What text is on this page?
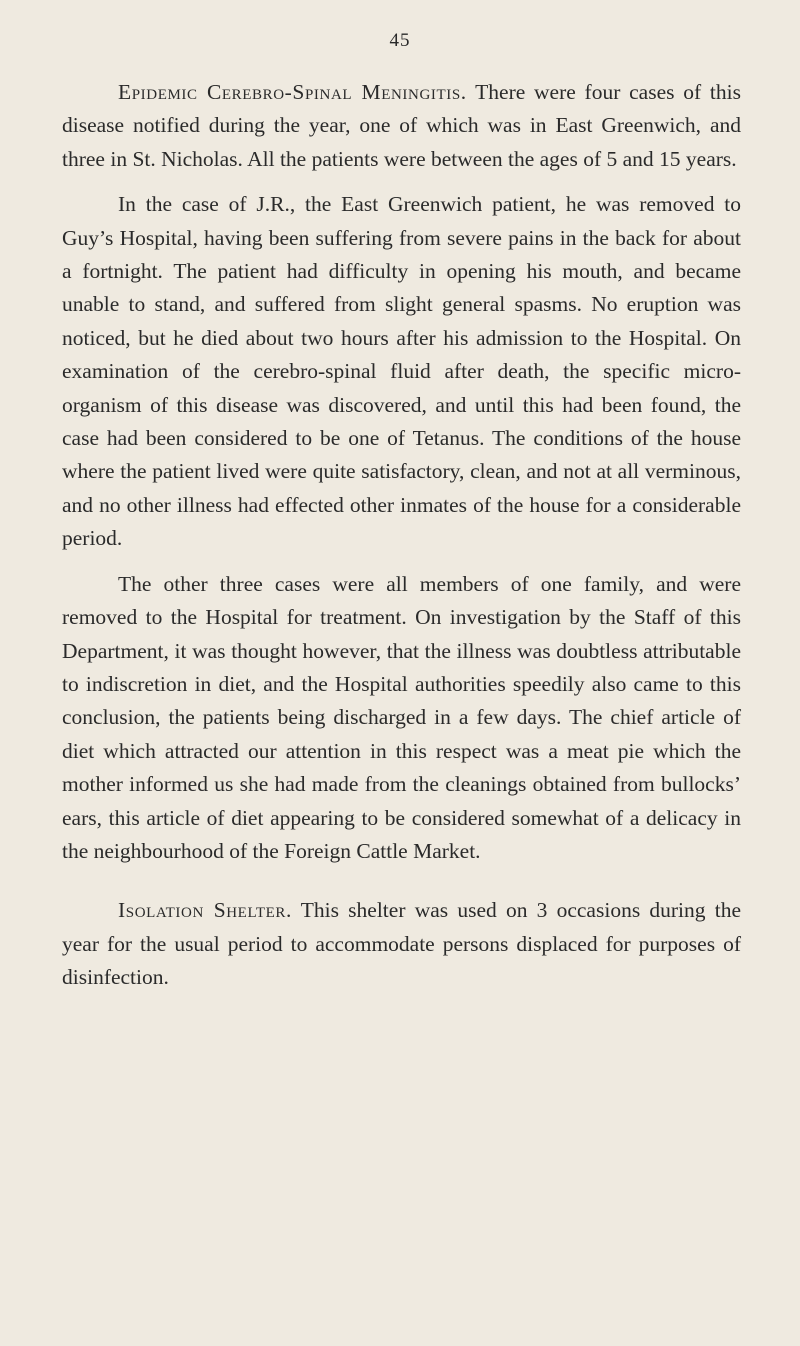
45

Epidemic Cerebro-Spinal Meningitis. There were four cases of this disease notified during the year, one of which was in East Greenwich, and three in St. Nicholas. All the patients were between the ages of 5 and 15 years.

In the case of J.R., the East Greenwich patient, he was removed to Guy’s Hospital, having been suffering from severe pains in the back for about a fortnight. The patient had difficulty in opening his mouth, and became unable to stand, and suffered from slight general spasms. No eruption was noticed, but he died about two hours after his admission to the Hospital. On examination of the cerebro-spinal fluid after death, the specific micro-organism of this disease was discovered, and until this had been found, the case had been considered to be one of Tetanus. The conditions of the house where the patient lived were quite satisfactory, clean, and not at all verminous, and no other illness had effected other inmates of the house for a considerable period.

The other three cases were all members of one family, and were removed to the Hospital for treatment. On investigation by the Staff of this Department, it was thought however, that the illness was doubtless attributable to indiscretion in diet, and the Hospital authorities speedily also came to this conclusion, the patients being discharged in a few days. The chief article of diet which attracted our attention in this respect was a meat pie which the mother informed us she had made from the cleanings obtained from bullocks’ ears, this article of diet appearing to be considered somewhat of a delicacy in the neighbourhood of the Foreign Cattle Market.

Isolation Shelter. This shelter was used on 3 occasions during the year for the usual period to accommodate persons displaced for purposes of disinfection.
